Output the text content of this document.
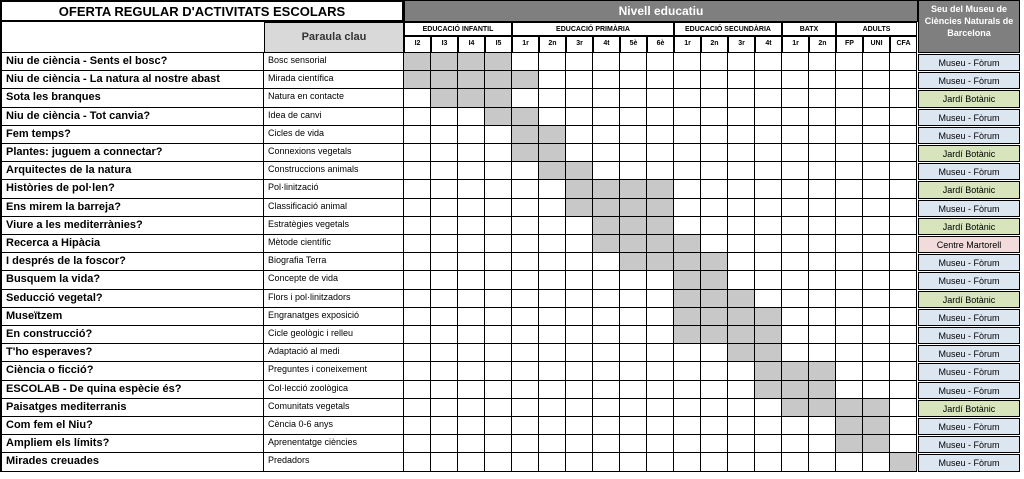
OFERTA REGULAR D'ACTIVITATS ESCOLARS
Paraula clau
Nivell educatiu	Seu del Museu de Ciències Naturals de Barcelona
EDUCACIÓ INFANTIL	EDUCACIÓ PRIMÀRIA	EDUCACIÓ SECUNDÀRIA	BATX	ADULTS
I2	I3	I4	I5	1r	2n	3r	4t	5è	6è	1r	2n	3r	4t	1r	2n	FP	UNI	CFA
Niu de ciència - Sents el bosc?	Bosc sensorial	Museu - Fòrum
Niu de ciència - La natura al nostre abast	Mirada científica	Museu - Fòrum
Sota les branques	Natura en contacte	Jardí Botànic
Niu de ciència - Tot canvia?	Idea de canvi	Museu - Fòrum
Fem temps?	Cicles de vida	Museu - Fòrum
Plantes: juguem a connectar?	Connexions vegetals	Jardí Botànic
Arquitectes de la natura	Construccions animals	Museu - Fòrum
Històries de pol·len?	Pol·linització	Jardí Botànic
Ens mirem la barreja?	Classificació animal	Museu - Fòrum
Viure a les mediterrànies?	Estratègies vegetals	Jardí Botànic
Recerca a Hipàcia	Mètode científic	Centre Martorell
I després de la foscor?	Biografia Terra	Museu - Fòrum
Busquem la vida?	Concepte de vida	Museu - Fòrum
Seducció vegetal?	Flors i pol·linitzadors	Jardí Botànic
Museïtzem	Engranatges exposició	Museu - Fòrum
En construcció?	Cicle geològic i relleu	Museu - Fòrum
T'ho esperaves?	Adaptació al medi	Museu - Fòrum
Ciència o ficció?	Preguntes i coneixement	Museu - Fòrum
ESCOLAB - De quina espècie és?	Col·lecció zoològica	Museu - Fòrum
Paisatges mediterranis	Comunitats vegetals	Jardí Botànic
Com fem el Niu?	Cència 0-6 anys	Museu - Fòrum
Ampliem els límits?	Aprenentatge ciències	Museu - Fòrum
Mirades creuades	Predadors	Museu - Fòrum
